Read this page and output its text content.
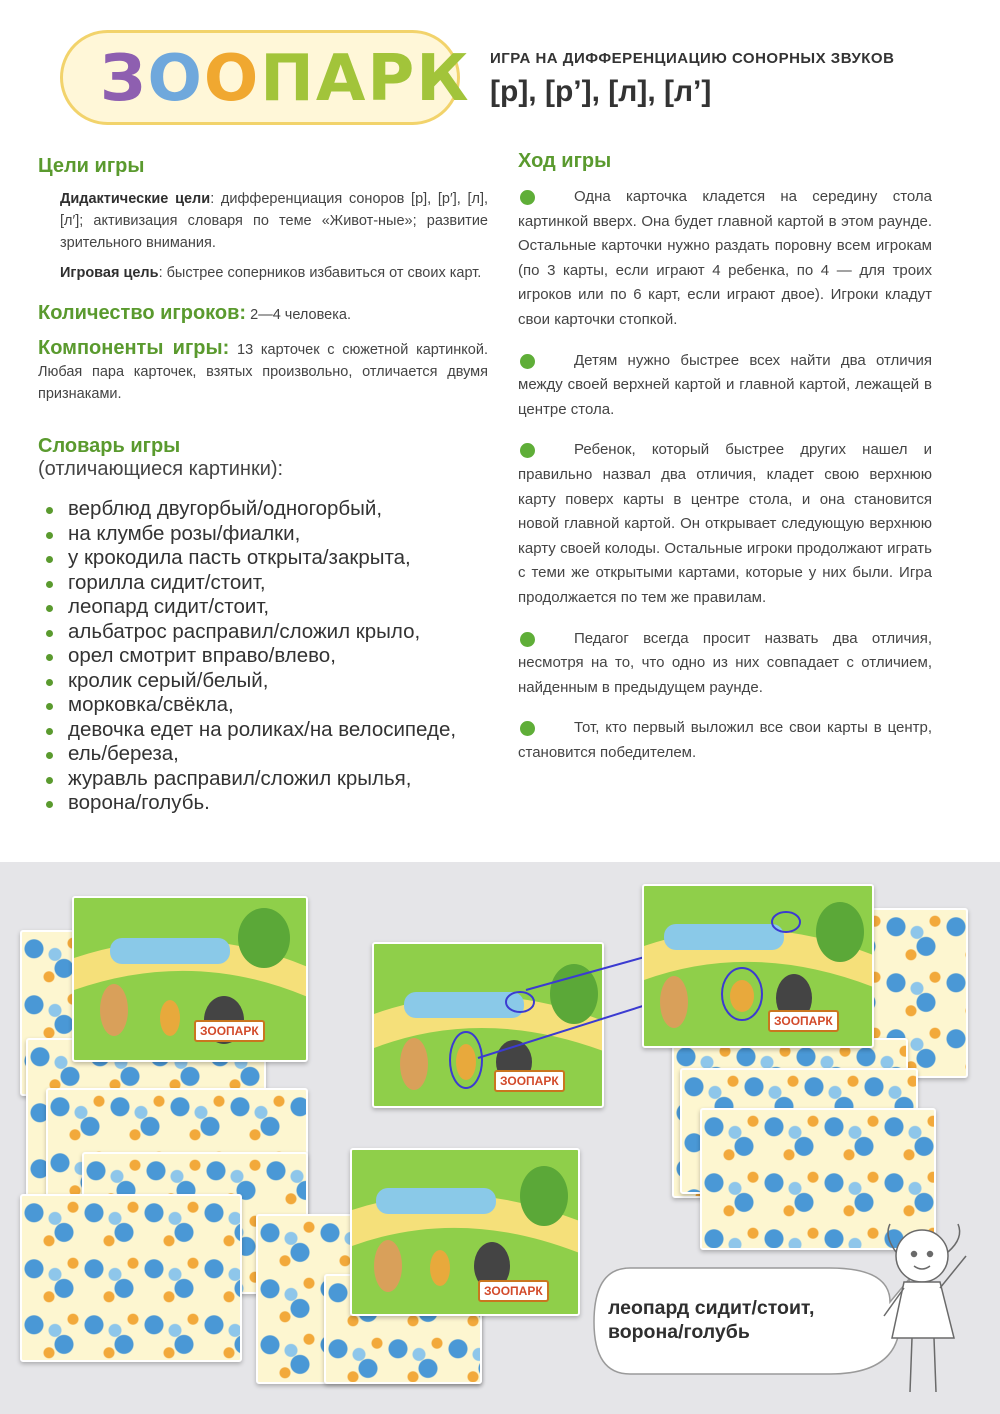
ЗOOПАРК ИГРА НА ДИФФЕРЕНЦИАЦИЮ СОНОРНЫХ ЗВУКОВ
[р], [р’], [л], [л’]
Цели игры

Дидактические цели: дифференциация соноров [р], [р′], [л], [л′]; активизация словаря по теме «Живот-ные»; развитие зрительного внимания.

Игровая цель: быстрее соперников избавиться от своих карт.

Количество игроков: 2—4 человека.

Компоненты игры: 13 карточек с сюжетной картинкой. Любая пара карточек, взятых произвольно, отличается двумя признаками.

Словарь игры
(отличающиеся картинки):
верблюд двугорбый/одногорбый,
на клумбе розы/фиалки,
у крокодила пасть открыта/закрыта,
горилла сидит/стоит,
леопард сидит/стоит,
альбатрос расправил/сложил крыло,
орел смотрит вправо/влево,
кролик серый/белый,
морковка/свёкла,
девочка едет на роликах/на велосипеде,
ель/береза,
журавль расправил/сложил крылья,
ворона/голубь.
Ход игры

Одна карточка кладется на середину стола картинкой вверх. Она будет главной картой в этом раунде. Остальные карточки нужно раздать поровну всем игрокам (по 3 карты, если играют 4 ребенка, по 4 — для троих игроков или по 6 карт, если играют двое). Игроки кладут свои карточки стопкой.

Детям нужно быстрее всех найти два отличия между своей верхней картой и главной картой, лежащей в центре стола.

Ребенок, который быстрее других нашел и правильно назвал два отличия, кладет свою верхнюю карту поверх карты в центре стола, и она становится новой главной картой. Он открывает следующую верхнюю карту своей колоды. Остальные игроки продолжают играть с теми же открытыми картами, которые у них были. Игра продолжается по тем же правилам.

Педагог всегда просит назвать два отличия, несмотря на то, что одно из них совпадает с отличием, найденным в предыдущем раунде.

Тот, кто первый выложил все свои карты в центр, становится победителем.

ЗООПАРК
ЗООПАРК
ЗООПАРК
ЗООПАРК
леопард сидит/стоит,
ворона/голубь
